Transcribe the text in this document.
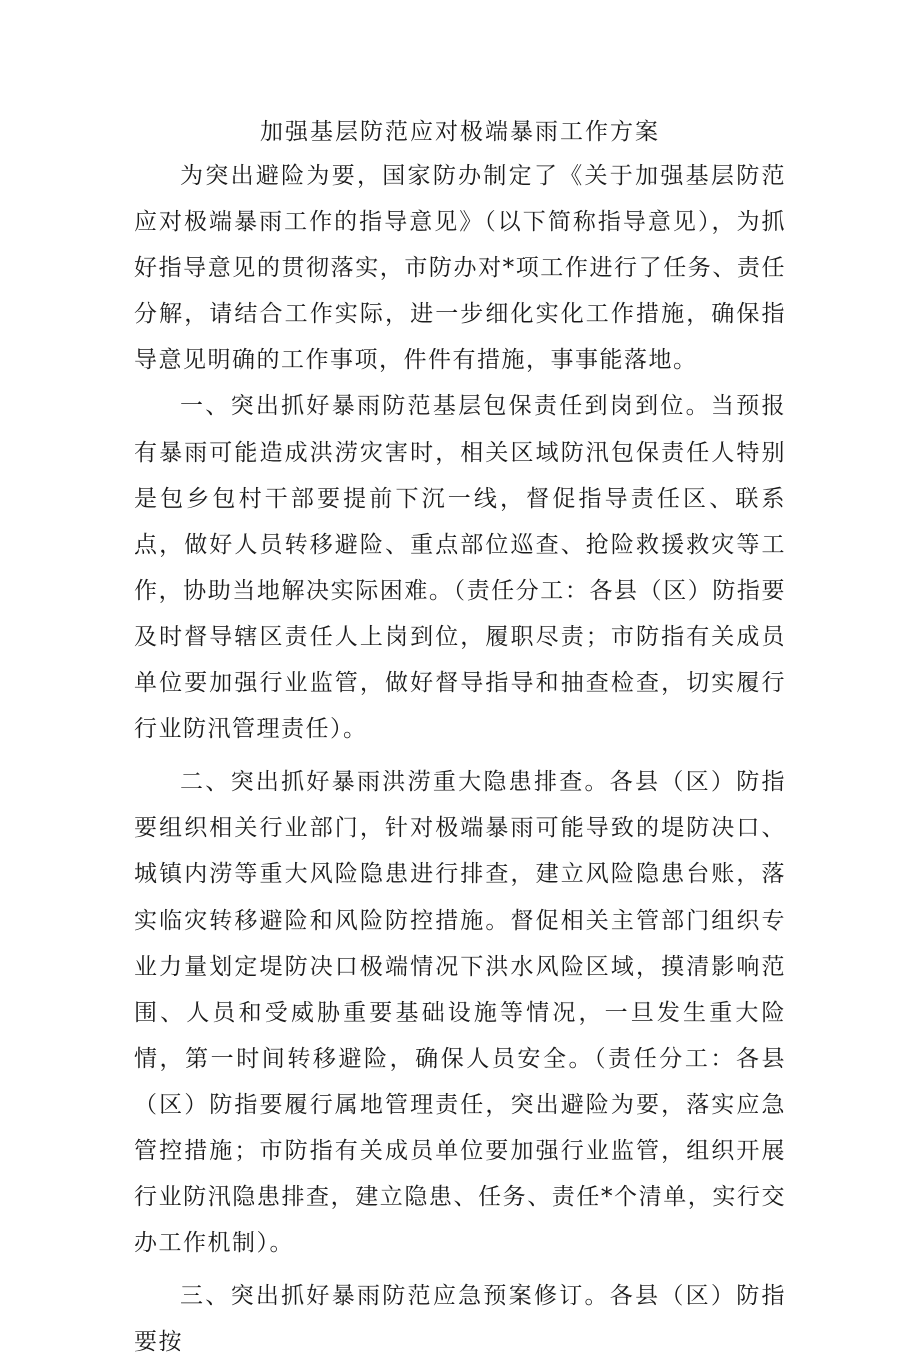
加强基层防范应对极端暴雨工作方案

为突出避险为要，国家防办制定了《关于加强基层防范应对极端暴雨工作的指导意见》（以下简称指导意见），为抓好指导意见的贯彻落实，市防办对*项工作进行了任务、责任分解，请结合工作实际，进一步细化实化工作措施，确保指导意见明确的工作事项，件件有措施，事事能落地。

一、突出抓好暴雨防范基层包保责任到岗到位。当预报有暴雨可能造成洪涝灾害时，相关区域防汛包保责任人特别是包乡包村干部要提前下沉一线，督促指导责任区、联系点，做好人员转移避险、重点部位巡查、抢险救援救灾等工作，协助当地解决实际困难。（责任分工：各县（区）防指要及时督导辖区责任人上岗到位，履职尽责；市防指有关成员单位要加强行业监管，做好督导指导和抽查检查，切实履行行业防汛管理责任）。

二、突出抓好暴雨洪涝重大隐患排查。各县（区）防指要组织相关行业部门，针对极端暴雨可能导致的堤防决口、城镇内涝等重大风险隐患进行排查，建立风险隐患台账，落实临灾转移避险和风险防控措施。督促相关主管部门组织专业力量划定堤防决口极端情况下洪水风险区域，摸清影响范围、人员和受威胁重要基础设施等情况，一旦发生重大险情，第一时间转移避险，确保人员安全。（责任分工：各县（区）防指要履行属地管理责任，突出避险为要，落实应急管控措施；市防指有关成员单位要加强行业监管，组织开展行业防汛隐患排查，建立隐患、任务、责任*个清单，实行交办工作机制）。

三、突出抓好暴雨防范应急预案修订。各县（区）防指要按
